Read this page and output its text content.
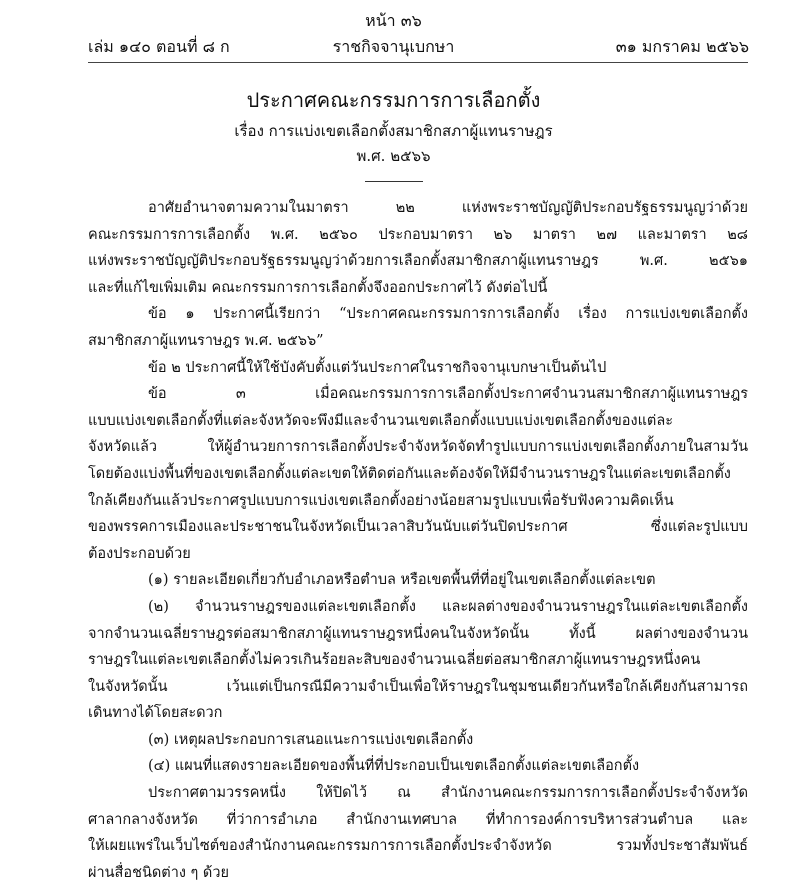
หน้า ๓๖
เล่ม ๑๔๐ ตอนที่ ๘ ก	ราชกิจจานุเบกษา	๓๑ มกราคม ๒๕๖๖
ประกาศคณะกรรมการการเลือกตั้ง
เรื่อง การแบ่งเขตเลือกตั้งสมาชิกสภาผู้แทนราษฎร
พ.ศ. ๒๕๖๖
อาศัยอำนาจตามความในมาตรา ๒๒ แห่งพระราชบัญญัติประกอบรัฐธรรมนูญว่าด้วย
คณะกรรมการการเลือกตั้ง พ.ศ. ๒๕๖๐ ประกอบมาตรา ๒๖ มาตรา ๒๗ และมาตรา ๒๘
แห่งพระราชบัญญัติประกอบรัฐธรรมนูญว่าด้วยการเลือกตั้งสมาชิกสภาผู้แทนราษฎร พ.ศ. ๒๕๖๑
และที่แก้ไขเพิ่มเติม คณะกรรมการการเลือกตั้งจึงออกประกาศไว้ ดังต่อไปนี้
ข้อ ๑ ประกาศนี้เรียกว่า “ประกาศคณะกรรมการการเลือกตั้ง เรื่อง การแบ่งเขตเลือกตั้ง
สมาชิกสภาผู้แทนราษฎร พ.ศ. ๒๕๖๖”
ข้อ ๒ ประกาศนี้ให้ใช้บังคับตั้งแต่วันประกาศในราชกิจจานุเบกษาเป็นต้นไป
ข้อ ๓ เมื่อคณะกรรมการการเลือกตั้งประกาศจำนวนสมาชิกสภาผู้แทนราษฎร
แบบแบ่งเขตเลือกตั้งที่แต่ละจังหวัดจะพึงมีและจำนวนเขตเลือกตั้งแบบแบ่งเขตเลือกตั้งของแต่ละ
จังหวัดแล้ว ให้ผู้อำนวยการการเลือกตั้งประจำจังหวัดจัดทำรูปแบบการแบ่งเขตเลือกตั้งภายในสามวัน
โดยต้องแบ่งพื้นที่ของเขตเลือกตั้งแต่ละเขตให้ติดต่อกันและต้องจัดให้มีจำนวนราษฎรในแต่ละเขตเลือกตั้ง
ใกล้เคียงกันแล้วประกาศรูปแบบการแบ่งเขตเลือกตั้งอย่างน้อยสามรูปแบบเพื่อรับฟังความคิดเห็น
ของพรรคการเมืองและประชาชนในจังหวัดเป็นเวลาสิบวันนับแต่วันปิดประกาศ ซึ่งแต่ละรูปแบบ
ต้องประกอบด้วย
(๑) รายละเอียดเกี่ยวกับอำเภอหรือตำบล หรือเขตพื้นที่ที่อยู่ในเขตเลือกตั้งแต่ละเขต
(๒) จำนวนราษฎรของแต่ละเขตเลือกตั้ง และผลต่างของจำนวนราษฎรในแต่ละเขตเลือกตั้ง
จากจำนวนเฉลี่ยราษฎรต่อสมาชิกสภาผู้แทนราษฎรหนึ่งคนในจังหวัดนั้น ทั้งนี้ ผลต่างของจำนวน
ราษฎรในแต่ละเขตเลือกตั้งไม่ควรเกินร้อยละสิบของจำนวนเฉลี่ยต่อสมาชิกสภาผู้แทนราษฎรหนึ่งคน
ในจังหวัดนั้น เว้นแต่เป็นกรณีมีความจำเป็นเพื่อให้ราษฎรในชุมชนเดียวกันหรือใกล้เคียงกันสามารถ
เดินทางได้โดยสะดวก
(๓) เหตุผลประกอบการเสนอแนะการแบ่งเขตเลือกตั้ง
(๔) แผนที่แสดงรายละเอียดของพื้นที่ที่ประกอบเป็นเขตเลือกตั้งแต่ละเขตเลือกตั้ง
ประกาศตามวรรคหนึ่ง ให้ปิดไว้ ณ สำนักงานคณะกรรมการการเลือกตั้งประจำจังหวัด
ศาลากลางจังหวัด ที่ว่าการอำเภอ สำนักงานเทศบาล ที่ทำการองค์การบริหารส่วนตำบล และ
ให้เผยแพร่ในเว็บไซต์ของสำนักงานคณะกรรมการการเลือกตั้งประจำจังหวัด รวมทั้งประชาสัมพันธ์
ผ่านสื่อชนิดต่าง ๆ ด้วย
